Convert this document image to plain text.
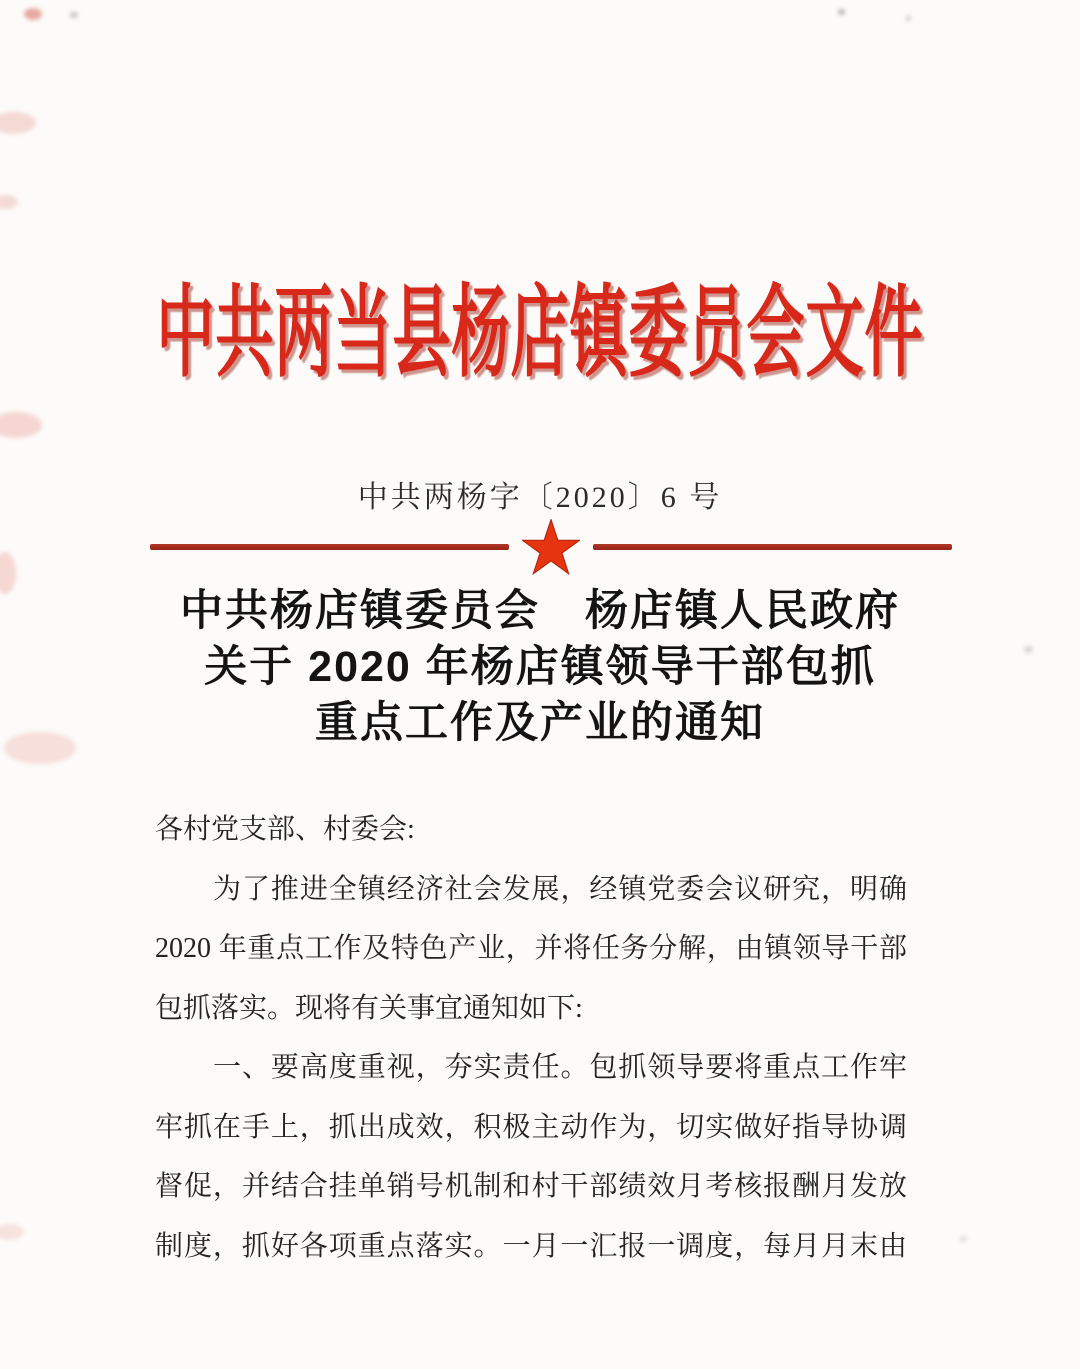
中共两当县杨店镇委员会文件
中共两杨字〔2020〕6 号
中共杨店镇委员会　杨店镇人民政府
关于 2020 年杨店镇领导干部包抓
重点工作及产业的通知
各村党支部、村委会:
为了推进全镇经济社会发展，经镇党委会议研究，明确
2020 年重点工作及特色产业，并将任务分解，由镇领导干部
包抓落实。现将有关事宜通知如下:
一、要高度重视，夯实责任。包抓领导要将重点工作牢
牢抓在手上，抓出成效，积极主动作为，切实做好指导协调
督促，并结合挂单销号机制和村干部绩效月考核报酬月发放
制度，抓好各项重点落实。一月一汇报一调度，每月月末由
